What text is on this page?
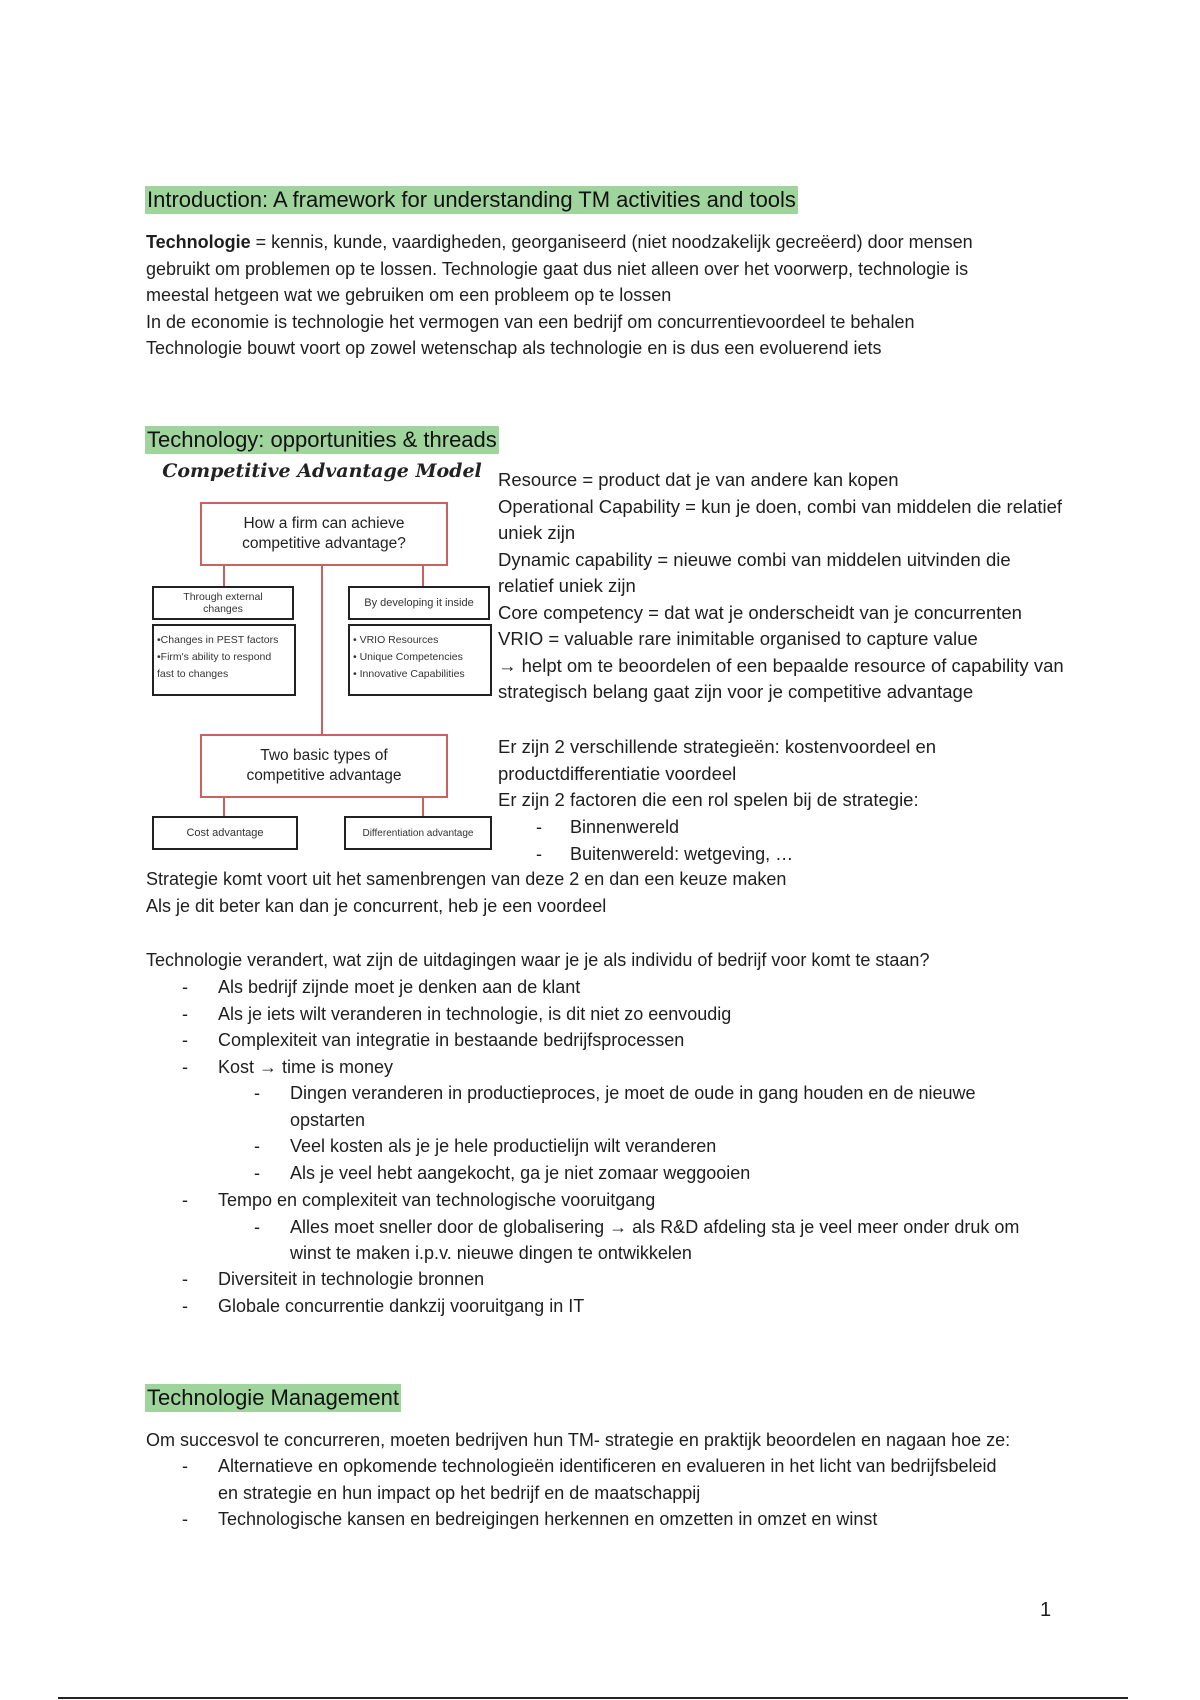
Introduction: A framework for understanding TM activities and tools
Technologie = kennis, kunde, vaardigheden, georganiseerd (niet noodzakelijk gecreëerd) door mensen
gebruikt om problemen op te lossen. Technologie gaat dus niet alleen over het voorwerp, technologie is
meestal hetgeen wat we gebruiken om een probleem op te lossen
In de economie is technologie het vermogen van een bedrijf om concurrentievoordeel te behalen
Technologie bouwt voort op zowel wetenschap als technologie en is dus een evoluerend iets
Technology: opportunities & threads
Competitive Advantage Model
How a firm can achieve competitive advantage?
Through external changes
By developing it inside
•Changes in PEST factors
•Firm's ability to respond
fast to changes
• VRIO Resources
• Unique Competencies
• Innovative Capabilities
Two basic types of competitive advantage
Cost advantage	Differentiation advantage
Resource = product dat je van andere kan kopen
Operational Capability = kun je doen, combi van middelen die relatief
uniek zijn
Dynamic capability = nieuwe combi van middelen uitvinden die
relatief uniek zijn
Core competency = dat wat je onderscheidt van je concurrenten
VRIO = valuable rare inimitable organised to capture value
→ helpt om te beoordelen of een bepaalde resource of capability van
strategisch belang gaat zijn voor je competitive advantage
Er zijn 2 verschillende strategieën: kostenvoordeel en
productdifferentiatie voordeel
Er zijn 2 factoren die een rol spelen bij de strategie:
- Binnenwereld
- Buitenwereld: wetgeving, …
Strategie komt voort uit het samenbrengen van deze 2 en dan een keuze maken
Als je dit beter kan dan je concurrent, heb je een voordeel
Technologie verandert, wat zijn de uitdagingen waar je je als individu of bedrijf voor komt te staan?
- Als bedrijf zijnde moet je denken aan de klant
- Als je iets wilt veranderen in technologie, is dit niet zo eenvoudig
- Complexiteit van integratie in bestaande bedrijfsprocessen
- Kost → time is money
- Dingen veranderen in productieproces, je moet de oude in gang houden en de nieuwe
opstarten
- Veel kosten als je je hele productielijn wilt veranderen
- Als je veel hebt aangekocht, ga je niet zomaar weggooien
- Tempo en complexiteit van technologische vooruitgang
- Alles moet sneller door de globalisering → als R&D afdeling sta je veel meer onder druk om
winst te maken i.p.v. nieuwe dingen te ontwikkelen
- Diversiteit in technologie bronnen
- Globale concurrentie dankzij vooruitgang in IT
Technologie Management
Om succesvol te concurreren, moeten bedrijven hun TM- strategie en praktijk beoordelen en nagaan hoe ze:
- Alternatieve en opkomende technologieën identificeren en evalueren in het licht van bedrijfsbeleid
en strategie en hun impact op het bedrijf en de maatschappij
- Technologische kansen en bedreigingen herkennen en omzetten in omzet en winst
1
